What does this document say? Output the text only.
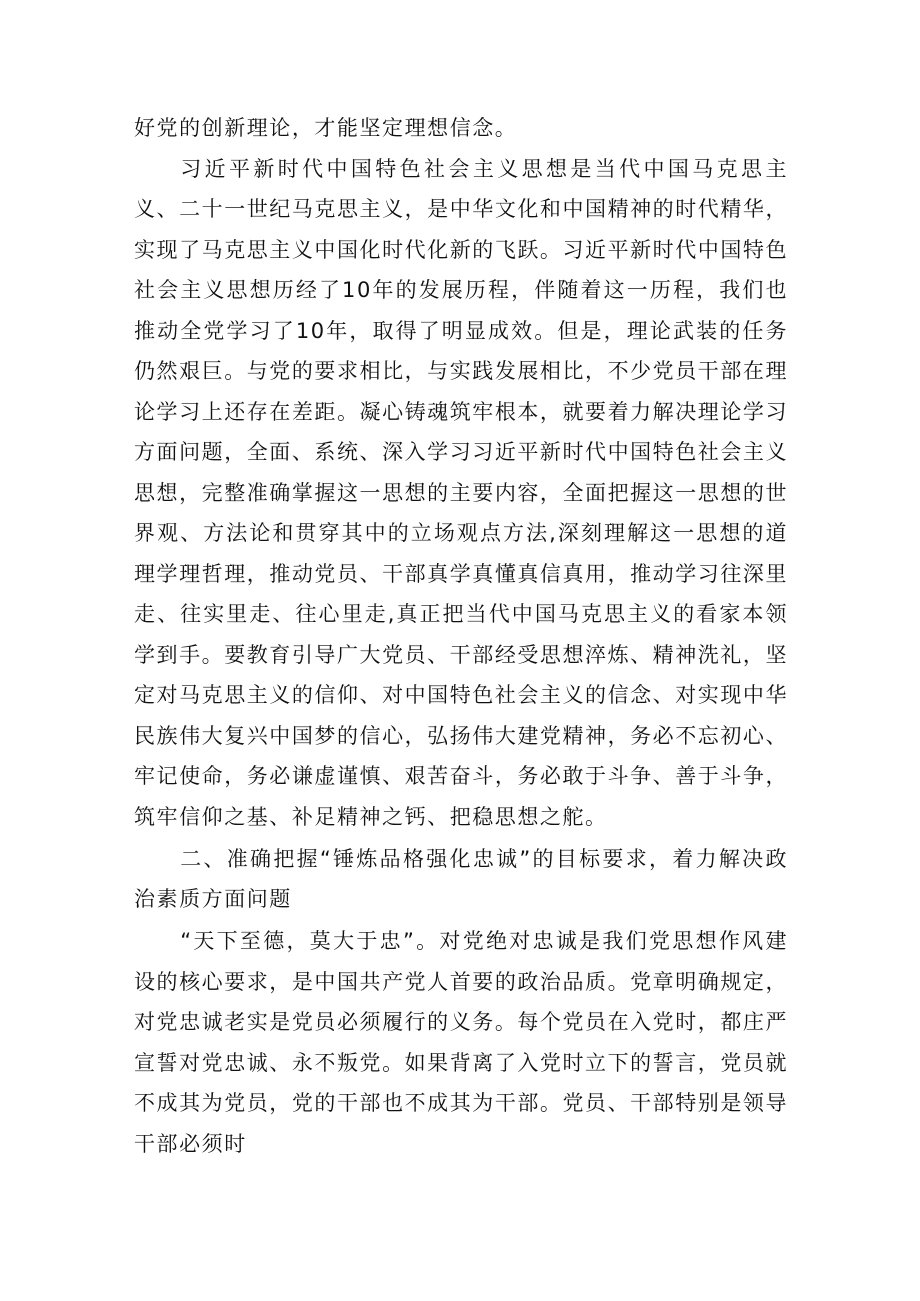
好党的创新理论，才能坚定理想信念。

习近平新时代中国特色社会主义思想是当代中国马克思主义、二十一世纪马克思主义，是中华文化和中国精神的时代精华，实现了马克思主义中国化时代化新的飞跃。习近平新时代中国特色社会主义思想历经了10年的发展历程，伴随着这一历程，我们也推动全党学习了10年，取得了明显成效。但是，理论武装的任务仍然艰巨。与党的要求相比，与实践发展相比，不少党员干部在理论学习上还存在差距。凝心铸魂筑牢根本，就要着力解决理论学习方面问题，全面、系统、深入学习习近平新时代中国特色社会主义思想，完整准确掌握这一思想的主要内容，全面把握这一思想的世界观、方法论和贯穿其中的立场观点方法,深刻理解这一思想的道理学理哲理，推动党员、干部真学真懂真信真用，推动学习往深里走、往实里走、往心里走,真正把当代中国马克思主义的看家本领学到手。要教育引导广大党员、干部经受思想淬炼、精神洗礼，坚定对马克思主义的信仰、对中国特色社会主义的信念、对实现中华民族伟大复兴中国梦的信心，弘扬伟大建党精神，务必不忘初心、牢记使命，务必谦虚谨慎、艰苦奋斗，务必敢于斗争、善于斗争，筑牢信仰之基、补足精神之钙、把稳思想之舵。

二、准确把握“锤炼品格强化忠诚”的目标要求，着力解决政治素质方面问题

“天下至德，莫大于忠”。对党绝对忠诚是我们党思想作风建设的核心要求，是中国共产党人首要的政治品质。党章明确规定，对党忠诚老实是党员必须履行的义务。每个党员在入党时，都庄严宣誓对党忠诚、永不叛党。如果背离了入党时立下的誓言，党员就不成其为党员，党的干部也不成其为干部。党员、干部特别是领导干部必须时
